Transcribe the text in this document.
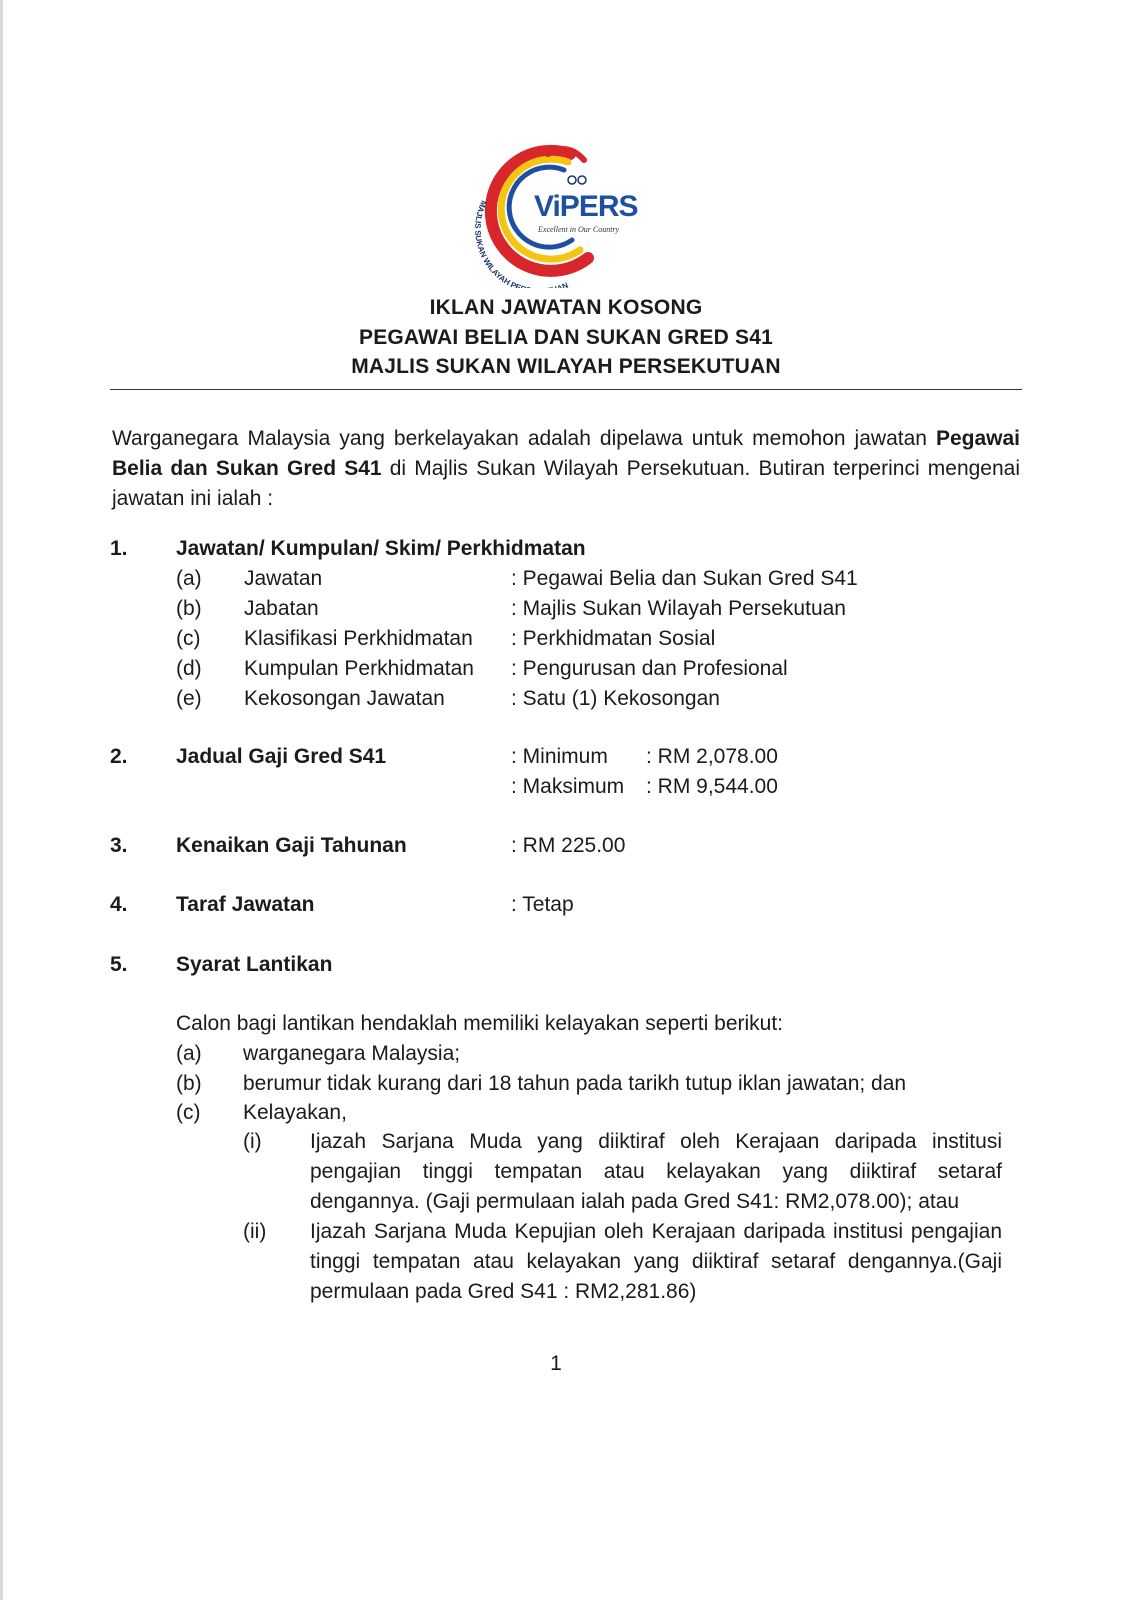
ViPERS
Excellent in Our Country
MAJLIS SUKAN WILAYAH PE N
IKLAN JAWATAN KOSONG
PEGAWAI BELIA DAN SUKAN GRED S41
MAJLIS SUKAN WILAYAH PERSEKUTUAN
Warganegara Malaysia yang berkelayakan adalah dipelawa untuk memohon jawatan Pegawai Belia dan Sukan Gred S41 di Majlis Sukan Wilayah Persekutuan. Butiran terperinci mengenai jawatan ini ialah :
1. Jawatan/ Kumpulan/ Skim/ Perkhidmatan
(a) Jawatan	: Pegawai Belia dan Sukan Gred S41
(b) Jabatan	: Majlis Sukan Wilayah Persekutuan
(c) Klasifikasi Perkhidmatan : Perkhidmatan Sosial
(d) Kumpulan Perkhidmatan : Pengurusan dan Profesional
(e) Kekosongan Jawatan	: Satu (1) Kekosongan
2. Jadual Gaji Gred S41	: Minimum : RM 2,078.00
: Maksimum : RM 9,544.00
3. Kenaikan Gaji Tahunan	: RM 225.00
4. Taraf Jawatan	: Tetap
5. Syarat Lantikan
Calon bagi lantikan hendaklah memiliki kelayakan seperti berikut:
(a) warganegara Malaysia;
(b) berumur tidak kurang dari 18 tahun pada tarikh tutup iklan jawatan; dan
(c) Kelayakan,
(i) Ijazah Sarjana Muda yang diiktiraf oleh Kerajaan daripada institusi pengajian tinggi tempatan atau kelayakan yang diiktiraf setaraf dengannya. (Gaji permulaan ialah pada Gred S41: RM2,078.00); atau
(ii) Ijazah Sarjana Muda Kepujian oleh Kerajaan daripada institusi pengajian tinggi tempatan atau kelayakan yang diiktiraf setaraf dengannya.(Gaji permulaan pada Gred S41 : RM2,281.86)
1
